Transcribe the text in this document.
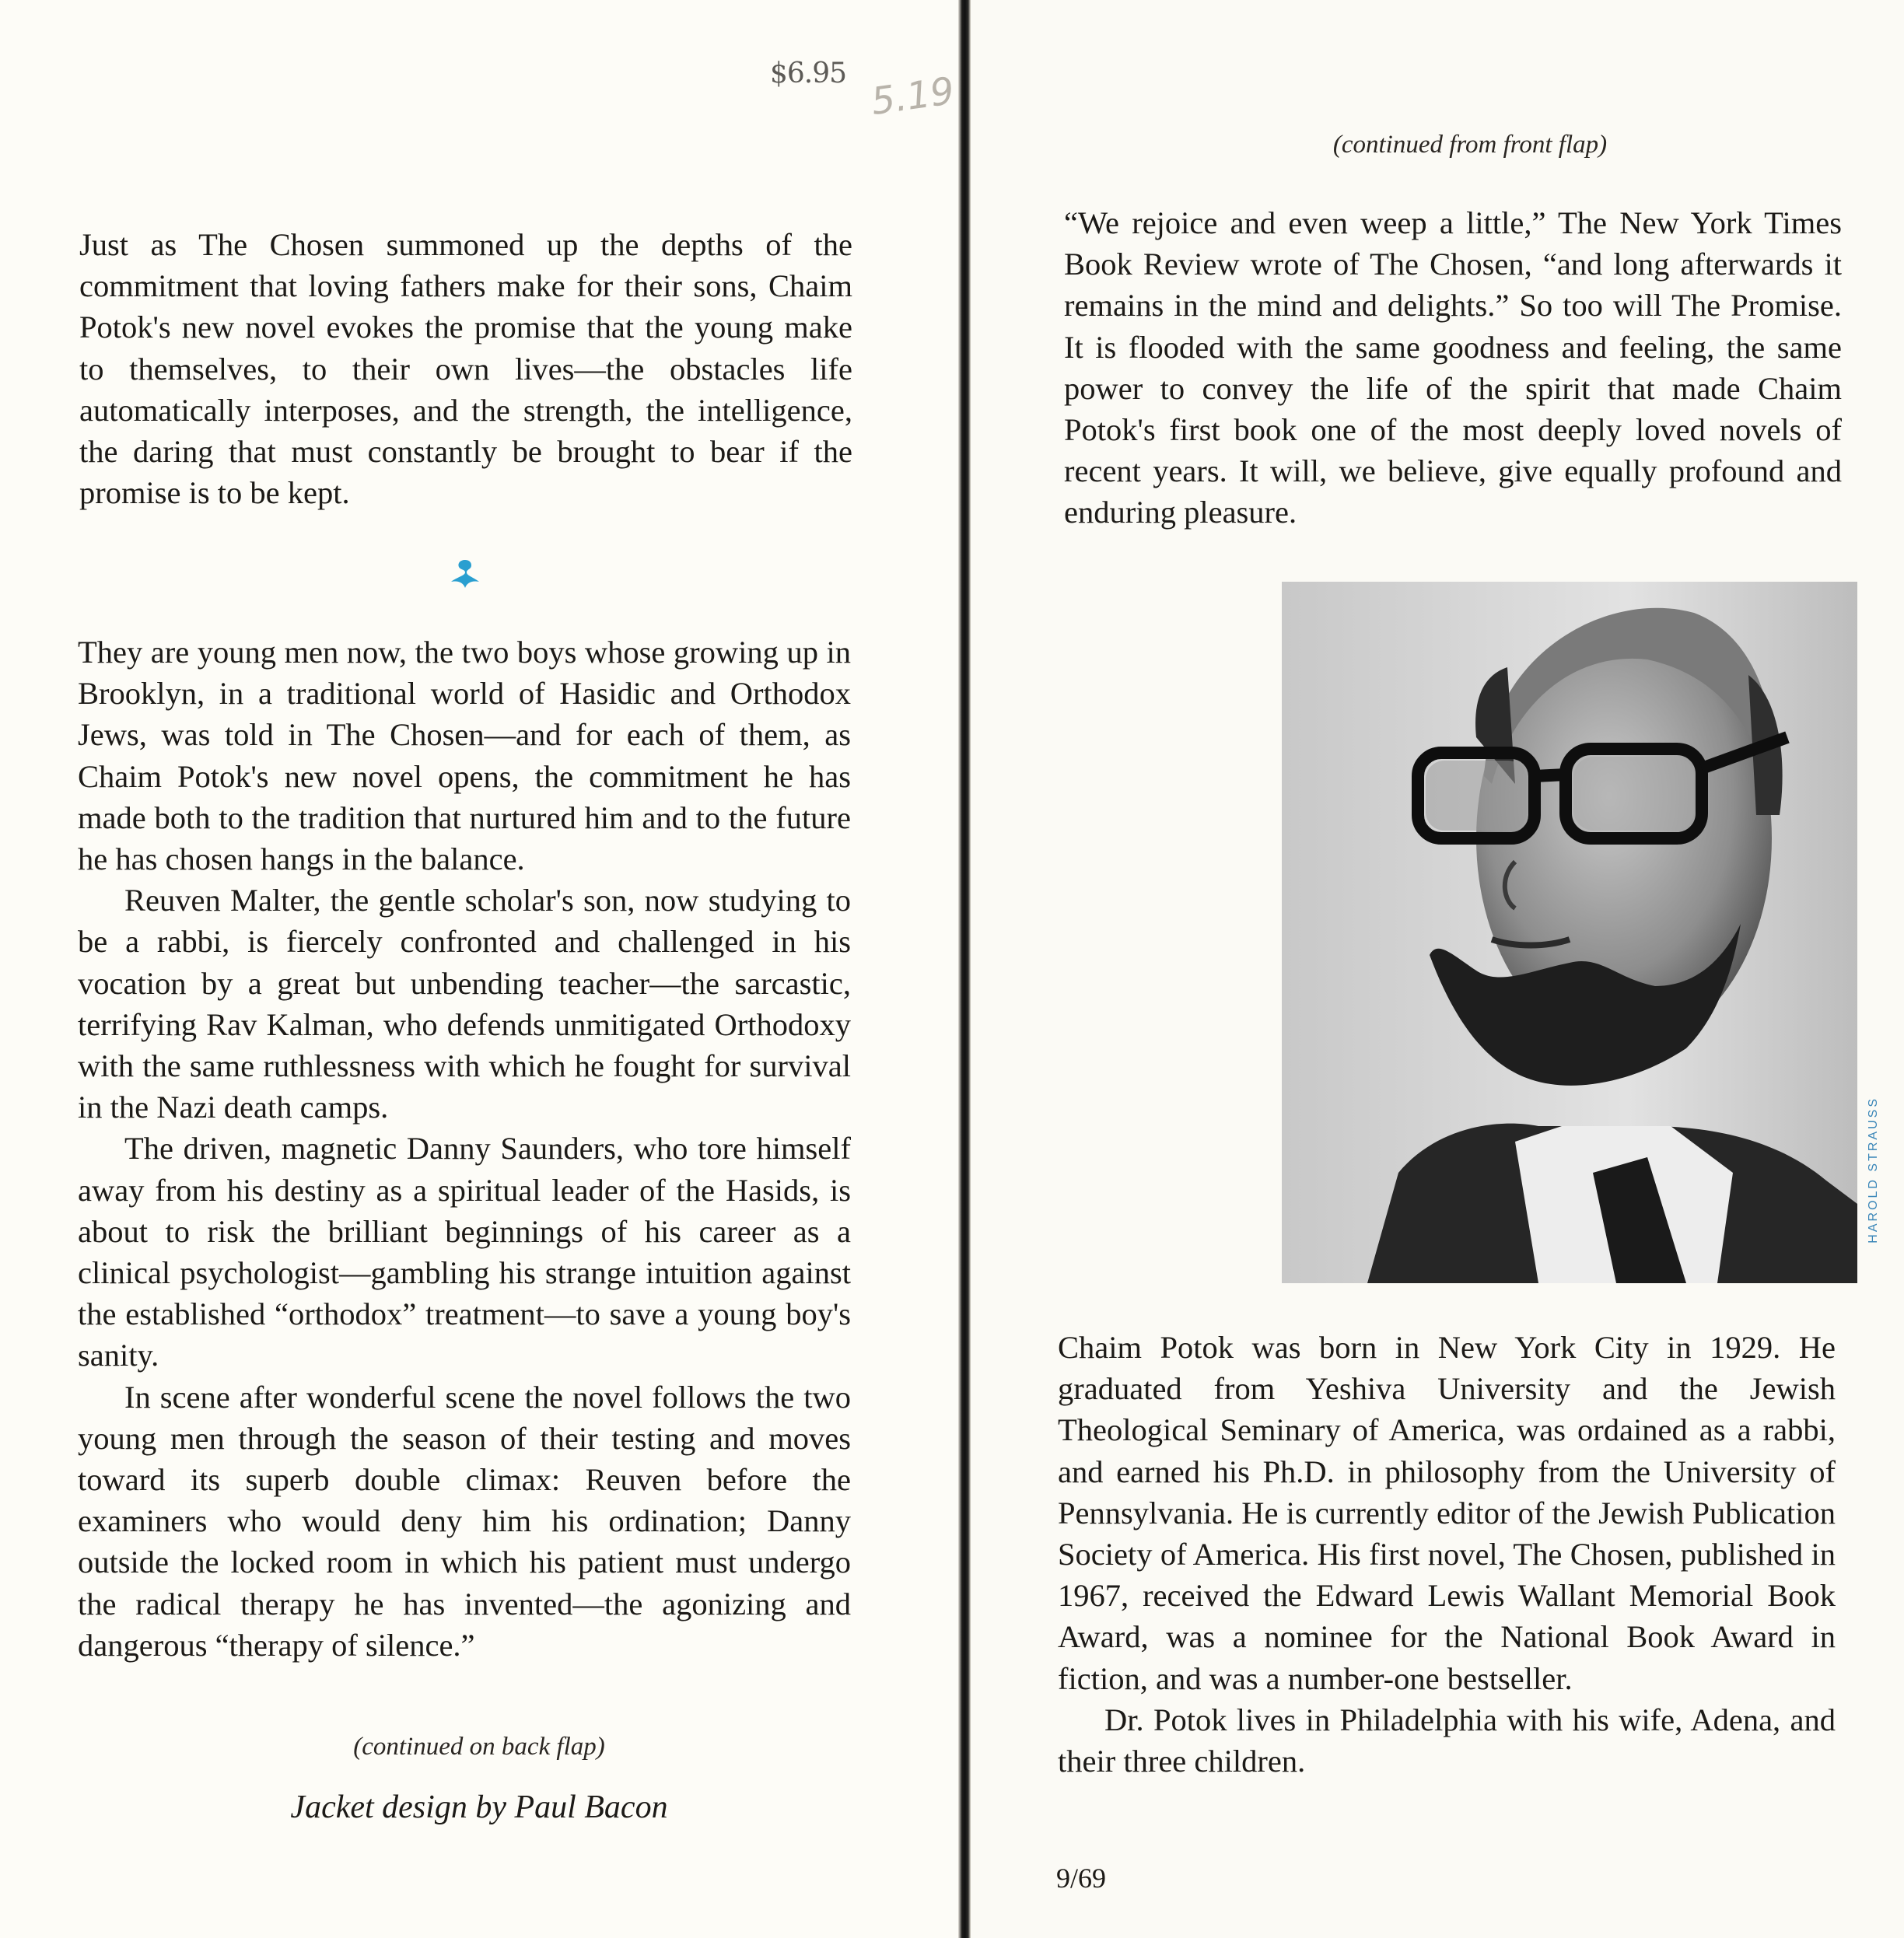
$6.95 5.19

Just as The Chosen summoned up the depths of the commitment that loving fathers make for their sons, Chaim Potok's new novel evokes the promise that the young make to themselves, to their own lives—the obstacles life automatically interposes, and the strength, the intelligence, the daring that must constantly be brought to bear if the promise is to be kept.

They are young men now, the two boys whose growing up in Brooklyn, in a traditional world of Hasidic and Orthodox Jews, was told in The Chosen—and for each of them, as Chaim Potok's new novel opens, the commitment he has made both to the tradition that nurtured him and to the future he has chosen hangs in the balance.

Reuven Malter, the gentle scholar's son, now studying to be a rabbi, is fiercely confronted and challenged in his vocation by a great but unbending teacher—the sarcastic, terrifying Rav Kalman, who defends unmitigated Orthodoxy with the same ruthlessness with which he fought for survival in the Nazi death camps.

The driven, magnetic Danny Saunders, who tore himself away from his destiny as a spiritual leader of the Hasids, is about to risk the brilliant beginnings of his career as a clinical psychologist—gambling his strange intuition against the established “orthodox” treatment—to save a young boy's sanity.

In scene after wonderful scene the novel follows the two young men through the season of their testing and moves toward its superb double climax: Reuven before the examiners who would deny him his ordination; Danny outside the locked room in which his patient must undergo the radical therapy he has invented—the agonizing and dangerous “therapy of silence.”

(continued on back flap)
Jacket design by Paul Bacon
(continued from front flap)

“We rejoice and even weep a little,” The New York Times Book Review wrote of The Chosen, “and long afterwards it remains in the mind and delights.” So too will The Promise. It is flooded with the same goodness and feeling, the same power to convey the life of the spirit that made Chaim Potok's first book one of the most deeply loved novels of recent years. It will, we believe, give equally profound and enduring pleasure.

HAROLD STRAUSS

Chaim Potok was born in New York City in 1929. He graduated from Yeshiva University and the Jewish Theological Seminary of America, was ordained as a rabbi, and earned his Ph.D. in philosophy from the University of Pennsylvania. He is currently editor of the Jewish Publication Society of America. His first novel, The Chosen, published in 1967, received the Edward Lewis Wallant Memorial Book Award, was a nominee for the National Book Award in fiction, and was a number-one bestseller.

Dr. Potok lives in Philadelphia with his wife, Adena, and their three children.

9/69
